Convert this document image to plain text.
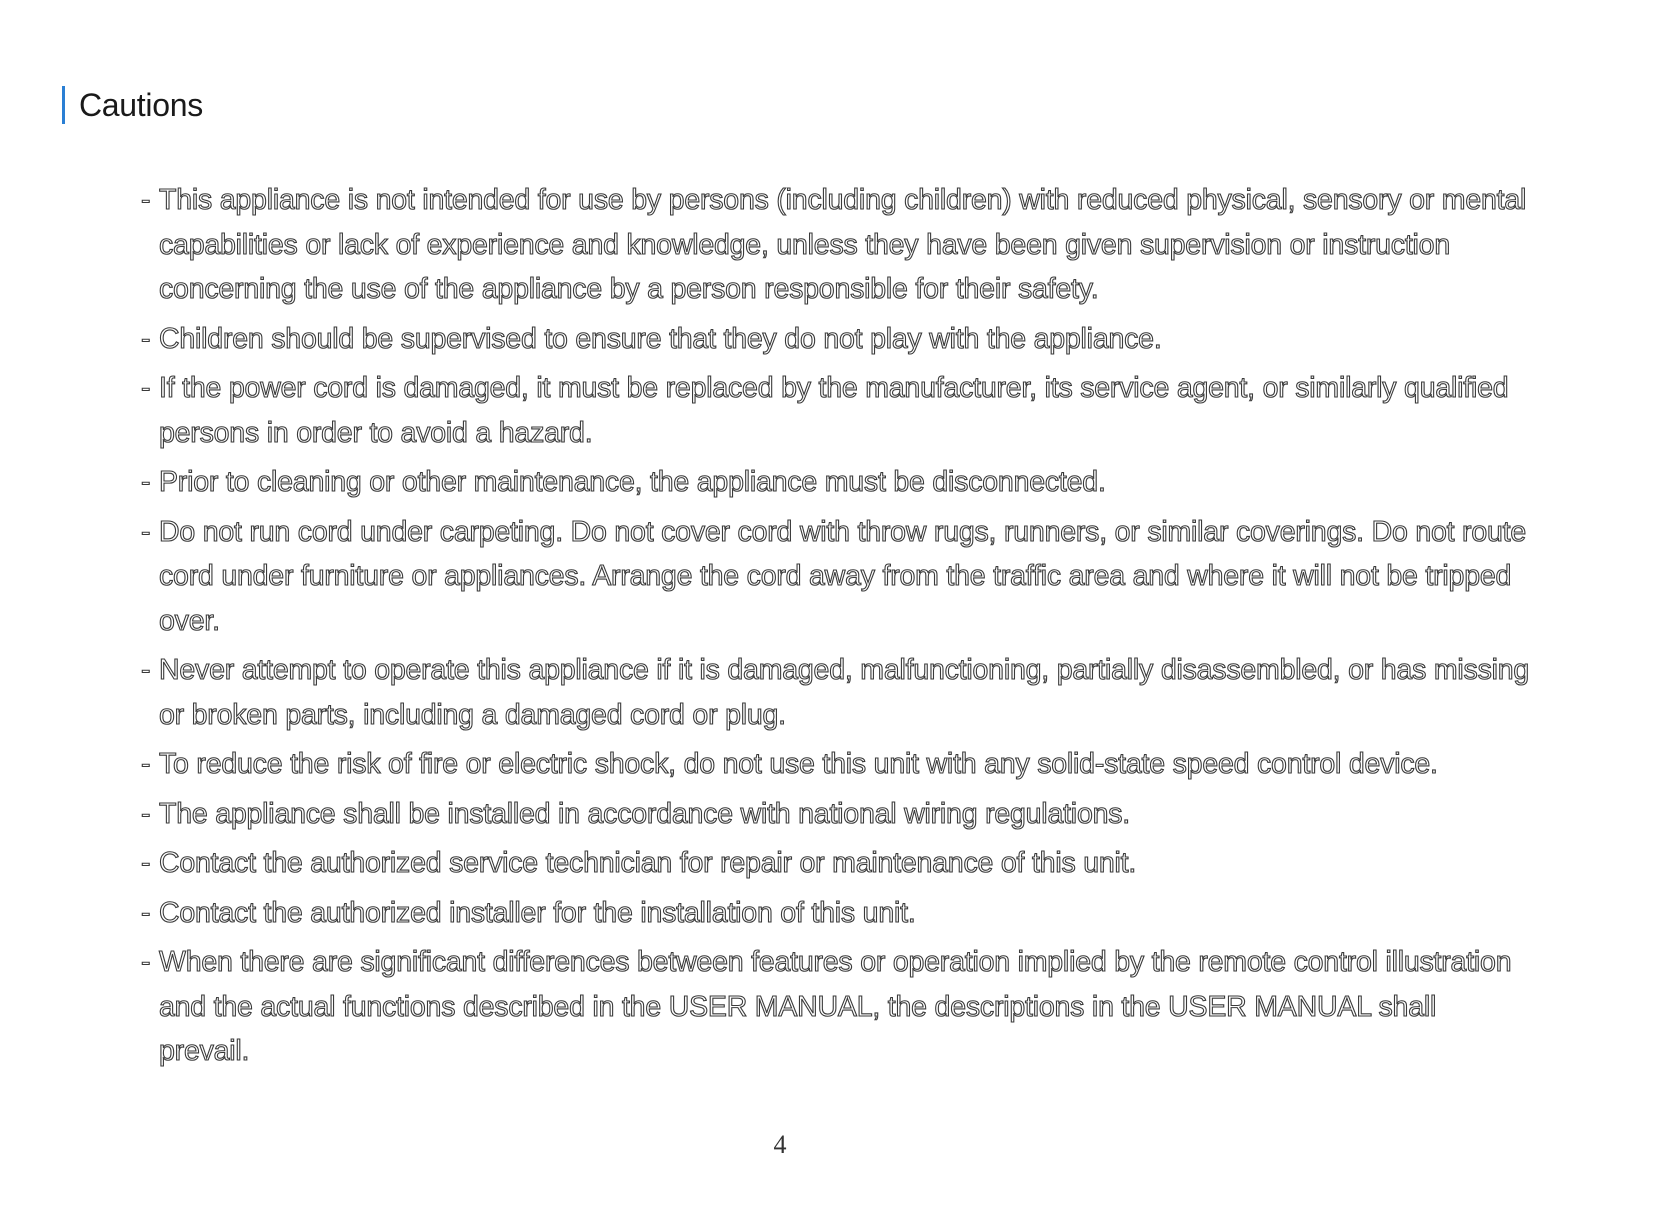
Cautions
- This appliance is not intended for use by persons (including children) with reduced physical, sensory or mental capabilities or lack of experience and knowledge, unless they have been given supervision or instruction concerning the use of the appliance by a person responsible for their safety.
- Children should be supervised to ensure that they do not play with the appliance.
- If the power cord is damaged, it must be replaced by the manufacturer, its service agent, or similarly qualified persons in order to avoid a hazard.
- Prior to cleaning or other maintenance, the appliance must be disconnected.
- Do not run cord under carpeting. Do not cover cord with throw rugs, runners, or similar coverings. Do not route cord under furniture or appliances. Arrange the cord away from the traffic area and where it will not be tripped over.
- Never attempt to operate this appliance if it is damaged, malfunctioning, partially disassembled, or has missing or broken parts, including a damaged cord or plug.
- To reduce the risk of fire or electric shock, do not use this unit with any solid-state speed control device.
- The appliance shall be installed in accordance with national wiring regulations.
- Contact the authorized service technician for repair or maintenance of this unit.
- Contact the authorized installer for the installation of this unit.
- When there are significant differences between features or operation implied by the remote control illustration and the actual functions described in the USER MANUAL, the descriptions in the USER MANUAL shall prevail.
4
